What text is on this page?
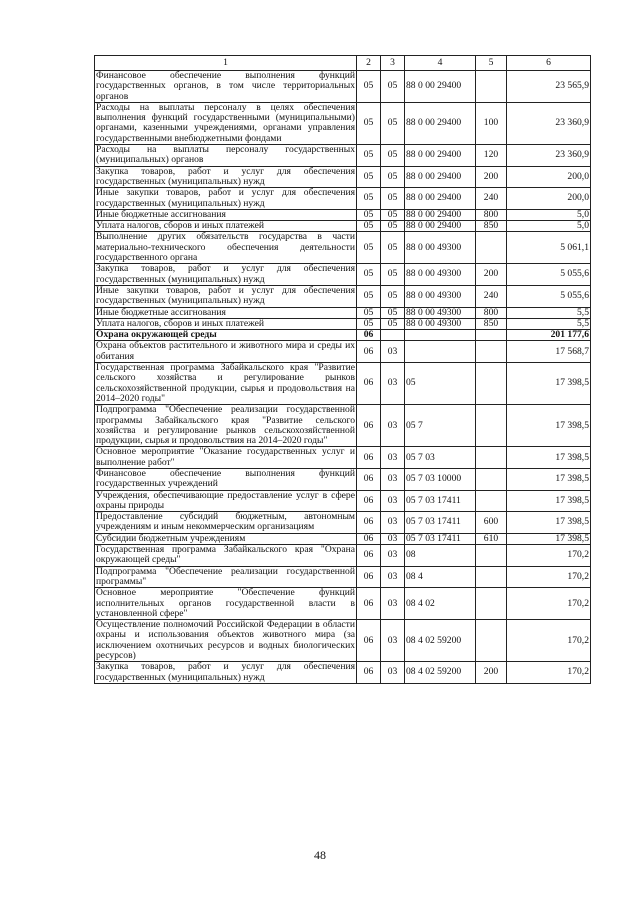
1	2	3	4	5	6
Финансовое обеспечение выполнения функций государственных органов, в том числе территориальных органов	05	05	88 0 00 29400		23 565,9
Расходы на выплаты персоналу в целях обеспечения выполнения функций государственными (муниципальными) органами, казенными учреждениями, органами управления государственными внебюджетными фондами	05	05	88 0 00 29400	100	23 360,9
Расходы на выплаты персоналу государственных (муниципальных) органов	05	05	88 0 00 29400	120	23 360,9
Закупка товаров, работ и услуг для обеспечения государственных (муниципальных) нужд	05	05	88 0 00 29400	200	200,0
Иные закупки товаров, работ и услуг для обеспечения государственных (муниципальных) нужд	05	05	88 0 00 29400	240	200,0
Иные бюджетные ассигнования	05	05	88 0 00 29400	800	5,0
Уплата налогов, сборов и иных платежей	05	05	88 0 00 29400	850	5,0
Выполнение других обязательств государства в части материально-технического обеспечения деятельности государственного органа	05	05	88 0 00 49300		5 061,1
Закупка товаров, работ и услуг для обеспечения государственных (муниципальных) нужд	05	05	88 0 00 49300	200	5 055,6
Иные закупки товаров, работ и услуг для обеспечения государственных (муниципальных) нужд	05	05	88 0 00 49300	240	5 055,6
Иные бюджетные ассигнования	05	05	88 0 00 49300	800	5,5
Уплата налогов, сборов и иных платежей	05	05	88 0 00 49300	850	5,5
Охрана окружающей среды	06				201 177,6
Охрана объектов растительного и животного мира и среды их обитания	06	03			17 568,7
Государственная программа Забайкальского края "Развитие сельского хозяйства и регулирование рынков сельскохозяйственной продукции, сырья и продовольствия на 2014–2020 годы"	06	03	05		17 398,5
Подпрограмма "Обеспечение реализации государственной программы Забайкальского края "Развитие сельского хозяйства и регулирование рынков сельскохозяйственной продукции, сырья и продовольствия на 2014–2020 годы"	06	03	05 7		17 398,5
Основное мероприятие "Оказание государственных услуг и выполнение работ"	06	03	05 7 03		17 398,5
Финансовое обеспечение выполнения функций государственных учреждений	06	03	05 7 03 10000		17 398,5
Учреждения, обеспечивающие предоставление услуг в сфере охраны природы	06	03	05 7 03 17411		17 398,5
Предоставление субсидий бюджетным, автономным учреждениям и иным некоммерческим организациям	06	03	05 7 03 17411	600	17 398,5
Субсидии бюджетным учреждениям	06	03	05 7 03 17411	610	17 398,5
Государственная программа Забайкальского края "Охрана окружающей среды"	06	03	08		170,2
Подпрограмма "Обеспечение реализации государственной программы"	06	03	08 4		170,2
Основное мероприятие "Обеспечение функций исполнительных органов государственной власти в установленной сфере"	06	03	08 4 02		170,2
Осуществление полномочий Российской Федерации в области охраны и использования объектов животного мира (за исключением охотничьих ресурсов и водных биологических ресурсов)	06	03	08 4 02 59200		170,2
Закупка товаров, работ и услуг для обеспечения государственных (муниципальных) нужд	06	03	08 4 02 59200	200	170,2
48
